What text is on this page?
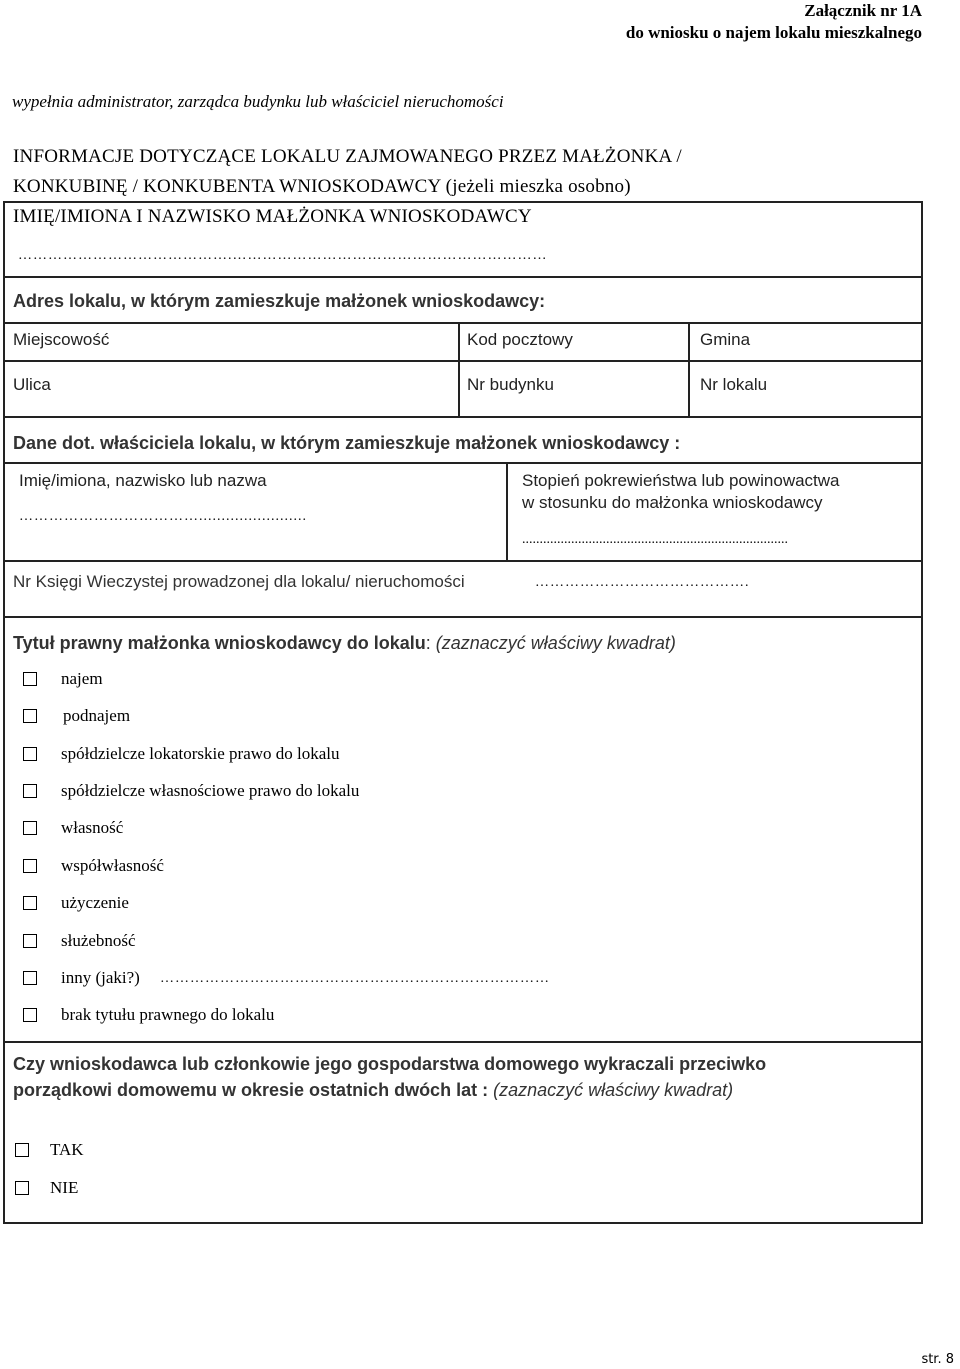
Załącznik nr 1A
do wniosku o najem lokalu mieszkalnego
wypełnia administrator, zarządca budynku lub właściciel nieruchomości
INFORMACJE DOTYCZĄCE LOKALU ZAJMOWANEGO PRZEZ MAŁŻONKA /
KONKUBINĘ / KONKUBENTA WNIOSKODAWCY (jeżeli mieszka osobno)
IMIĘ/IMIONA I NAZWISKO MAŁŻONKA WNIOSKODAWCY
…………………………………….………………………………………………………
Adres lokalu, w którym zamieszkuje małżonek wnioskodawcy:
Miejscowość	Kod pocztowy	Gmina
Ulica	Nr budynku	Nr lokalu
Dane dot. właściciela lokalu, w którym zamieszkuje małżonek wnioskodawcy :
Imię/imiona, nazwisko lub nazwa
………………………………........................
Stopień pokrewieństwa lub powinowactwa
w stosunku do małżonka wnioskodawcy
............................................................................
Nr Księgi Wieczystej prowadzonej dla lokalu/ nieruchomości	…………………………………….
Tytuł prawny małżonka wnioskodawcy do lokalu: (zaznaczyć właściwy kwadrat)
najem
podnajem
spółdzielcze lokatorskie prawo do lokalu
spółdzielcze własnościowe prawo do lokalu
własność
współwłasność
użyczenie
służebność
inny (jaki?) ……………………………………………………………………
brak tytułu prawnego do lokalu
Czy wnioskodawca lub członkowie jego gospodarstwa domowego wykraczali przeciwko
porządkowi domowemu w okresie ostatnich dwóch lat : (zaznaczyć właściwy kwadrat)
TAK
NIE
str. 8
